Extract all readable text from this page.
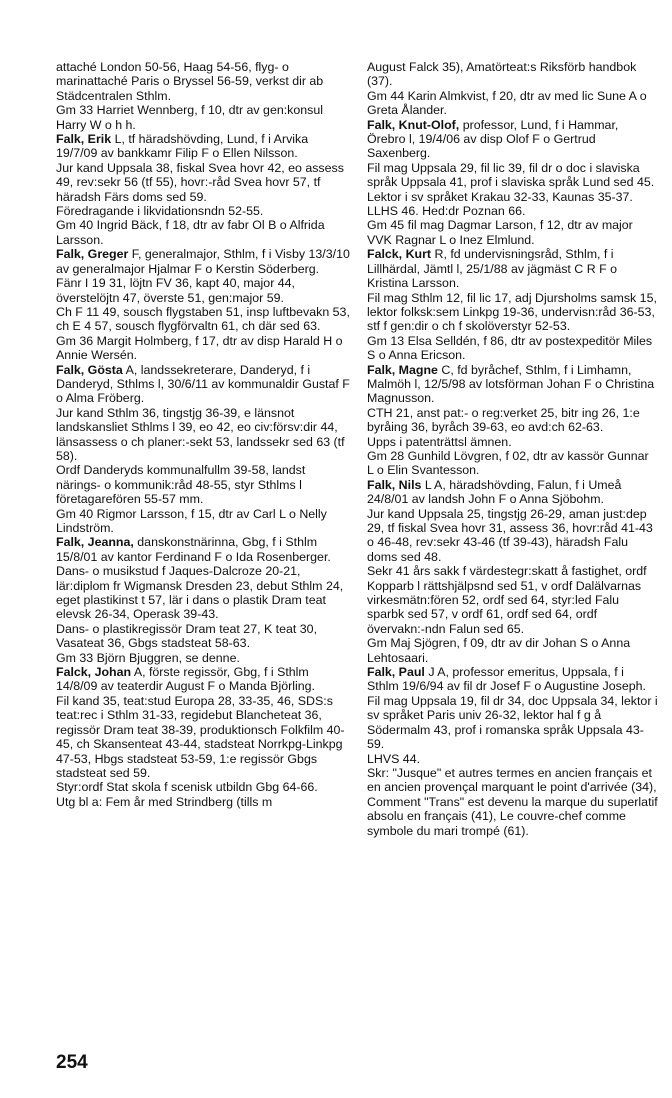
attaché London 50-56, Haag 54-56, flyg- o marinattaché Paris o Bryssel 56-59, verkst dir ab Städcentralen Sthlm.

Gm 33 Harriet Wennberg, f 10, dtr av gen:konsul Harry W o h h.

Falk, Erik L, tf häradshövding, Lund, f i Arvika 19/7/09 av bankkamr Filip F o Ellen Nilsson.

Jur kand Uppsala 38, fiskal Svea hovr 42, eo assess 49, rev:sekr 56 (tf 55), hovr:-råd Svea hovr 57, tf häradsh Färs doms sed 59.

Föredragande i likvidationsndn 52-55.

Gm 40 Ingrid Bäck, f 18, dtr av fabr Ol B o Alfrida Larsson.

Falk, Greger F, generalmajor, Sthlm, f i Visby 13/3/10 av generalmajor Hjalmar F o Kerstin Söderberg.

Fänr I 19 31, löjtn FV 36, kapt 40, major 44, överstelöjtn 47, överste 51, gen:major 59.

Ch F 11 49, sousch flygstaben 51, insp luftbevakn 53, ch E 4 57, sousch flygförvaltn 61, ch där sed 63.

Gm 36 Margit Holmberg, f 17, dtr av disp Harald H o Annie Wersén.

Falk, Gösta A, landssekreterare, Danderyd, f i Danderyd, Sthlms l, 30/6/11 av kommunaldir Gustaf F o Alma Fröberg.

Jur kand Sthlm 36, tingstjg 36-39, e länsnot landskansliet Sthlms l 39, eo 42, eo civ:försv:dir 44, länsassess o ch planer:-sekt 53, landssekr sed 63 (tf 58).

Ordf Danderyds kommunalfullm 39-58, landst närings- o kommunik:råd 48-55, styr Sthlms l företagarefören 55-57 mm.

Gm 40 Rigmor Larsson, f 15, dtr av Carl L o Nelly Lindström.

Falk, Jeanna, danskonstnärinna, Gbg, f i Sthlm 15/8/01 av kantor Ferdinand F o Ida Rosenberger.

Dans- o musikstud f Jaques-Dalcroze 20-21, lär:diplom fr Wigmansk Dresden 23, debut Sthlm 24, eget plastikinst t 57, lär i dans o plastik Dram teat elevsk 26-34, Operask 39-43.

Dans- o plastikregissör Dram teat 27, K teat 30, Vasateat 36, Gbgs stadsteat 58-63.

Gm 33 Björn Bjuggren, se denne.

Falck, Johan A, förste regissör, Gbg, f i Sthlm 14/8/09 av teaterdir August F o Manda Björling.

Fil kand 35, teat:stud Europa 28, 33-35, 46, SDS:s teat:rec i Sthlm 31-33, regidebut Blancheteat 36, regissör Dram teat 38-39, produktionsch Folkfilm 40-45, ch Skansenteat 43-44, stadsteat Norrkpg-Linkpg 47-53, Hbgs stadsteat 53-59, 1:e regissör Gbgs stadsteat sed 59.

Styr:ordf Stat skola f scenisk utbildn Gbg 64-66.

Utg bl a: Fem år med Strindberg (tills m

August Falck 35), Amatörteat:s Riksförb handbok (37).

Gm 44 Karin Almkvist, f 20, dtr av med lic Sune A o Greta Ålander.

Falk, Knut-Olof, professor, Lund, f i Hammar, Örebro l, 19/4/06 av disp Olof F o Gertrud Saxenberg.

Fil mag Uppsala 29, fil lic 39, fil dr o doc i slaviska språk Uppsala 41, prof i slaviska språk Lund sed 45.

Lektor i sv språket Krakau 32-33, Kaunas 35-37.

LLHS 46. Hed:dr Poznan 66.

Gm 45 fil mag Dagmar Larson, f 12, dtr av major VVK Ragnar L o Inez Elmlund.

Falck, Kurt R, fd undervisningsråd, Sthlm, f i Lillhärdal, Jämtl l, 25/1/88 av jägmäst C R F o Kristina Larsson.

Fil mag Sthlm 12, fil lic 17, adj Djursholms samsk 15, lektor folksk:sem Linkpg 19-36, undervisn:råd 36-53, stf f gen:dir o ch f skolöverstyr 52-53.

Gm 13 Elsa Selldén, f 86, dtr av postexpeditör Miles S o Anna Ericson.

Falk, Magne C, fd byråchef, Sthlm, f i Limhamn, Malmöh l, 12/5/98 av lotsförman Johan F o Christina Magnusson.

CTH 21, anst pat:- o reg:verket 25, bitr ing 26, 1:e byråing 36, byråch 39-63, eo avd:ch 62-63.

Upps i patenträttsl ämnen.

Gm 28 Gunhild Lövgren, f 02, dtr av kassör Gunnar L o Elin Svantesson.

Falk, Nils L A, häradshövding, Falun, f i Umeå 24/8/01 av landsh John F o Anna Sjöbohm.

Jur kand Uppsala 25, tingstjg 26-29, aman just:dep 29, tf fiskal Svea hovr 31, assess 36, hovr:råd 41-43 o 46-48, rev:sekr 43-46 (tf 39-43), häradsh Falu doms sed 48.

Sekr 41 års sakk f värdestegr:skatt å fastighet, ordf Kopparb l rättshjälpsnd sed 51, v ordf Dalälvarnas virkesmätn:fören 52, ordf sed 64, styr:led Falu sparbk sed 57, v ordf 61, ordf sed 64, ordf övervakn:-ndn Falun sed 65.

Gm Maj Sjögren, f 09, dtr av dir Johan S o Anna Lehtosaari.

Falk, Paul J A, professor emeritus, Uppsala, f i Sthlm 19/6/94 av fil dr Josef F o Augustine Joseph.

Fil mag Uppsala 19, fil dr 34, doc Uppsala 34, lektor i sv språket Paris univ 26-32, lektor hal f g å Södermalm 43, prof i romanska språk Uppsala 43-59.

LHVS 44.

Skr: "Jusque" et autres termes en ancien français et en ancien provençal marquant le point d'arrivée (34), Comment "Trans" est devenu la marque du superlatif absolu en français (41), Le couvre-chef comme symbole du mari trompé (61).

254
